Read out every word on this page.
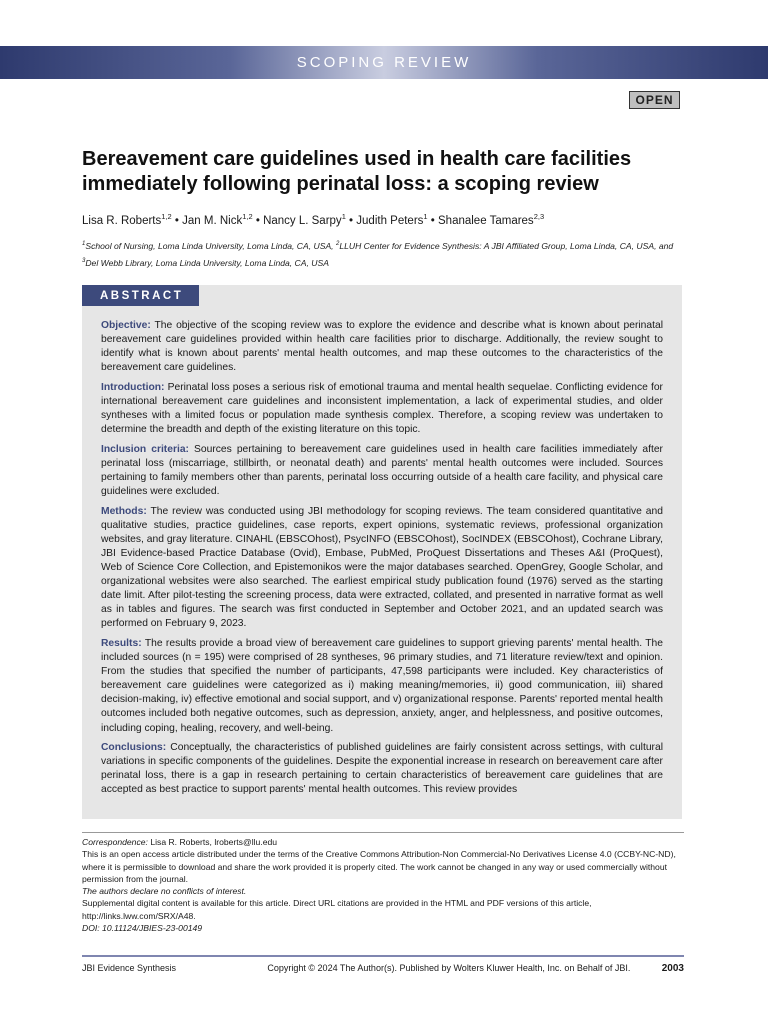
SCOPING REVIEW
OPEN
Bereavement care guidelines used in health care facilities immediately following perinatal loss: a scoping review
Lisa R. Roberts$^{1,2}$ • Jan M. Nick$^{1,2}$ • Nancy L. Sarpy$^1$ • Judith Peters$^1$ • Shanalee Tamares$^{2,3}$
$^1$School of Nursing, Loma Linda University, Loma Linda, CA, USA, $^2$LLUH Center for Evidence Synthesis: A JBI Affiliated Group, Loma Linda, CA, USA, and $^3$Del Webb Library, Loma Linda University, Loma Linda, CA, USA
ABSTRACT

Objective: The objective of the scoping review was to explore the evidence and describe what is known about perinatal bereavement care guidelines provided within health care facilities prior to discharge. Additionally, the review sought to identify what is known about parents' mental health outcomes, and map these outcomes to the characteristics of the bereavement care guidelines.

Introduction: Perinatal loss poses a serious risk of emotional trauma and mental health sequelae. Conflicting evidence for international bereavement care guidelines and inconsistent implementation, a lack of experimental studies, and older syntheses with a limited focus or population made synthesis complex. Therefore, a scoping review was undertaken to determine the breadth and depth of the existing literature on this topic.

Inclusion criteria: Sources pertaining to bereavement care guidelines used in health care facilities immediately after perinatal loss (miscarriage, stillbirth, or neonatal death) and parents' mental health outcomes were included. Sources pertaining to family members other than parents, perinatal loss occurring outside of a health care facility, and physical care guidelines were excluded.

Methods: The review was conducted using JBI methodology for scoping reviews. The team considered quantitative and qualitative studies, practice guidelines, case reports, expert opinions, systematic reviews, professional organization websites, and gray literature. CINAHL (EBSCOhost), PsycINFO (EBSCOhost), SocINDEX (EBSCOhost), Cochrane Library, JBI Evidence-based Practice Database (Ovid), Embase, PubMed, ProQuest Dissertations and Theses A&I (ProQuest), Web of Science Core Collection, and Epistemonikos were the major databases searched. OpenGrey, Google Scholar, and organizational websites were also searched. The earliest empirical study publication found (1976) served as the starting date limit. After pilot-testing the screening process, data were extracted, collated, and presented in narrative format as well as in tables and figures. The search was first conducted in September and October 2021, and an updated search was performed on February 9, 2023.

Results: The results provide a broad view of bereavement care guidelines to support grieving parents' mental health. The included sources (n = 195) were comprised of 28 syntheses, 96 primary studies, and 71 literature review/text and opinion. From the studies that specified the number of participants, 47,598 participants were included. Key characteristics of bereavement care guidelines were categorized as i) making meaning/memories, ii) good communication, iii) shared decision-making, iv) effective emotional and social support, and v) organizational response. Parents' reported mental health outcomes included both negative outcomes, such as depression, anxiety, anger, and helplessness, and positive outcomes, including coping, healing, recovery, and well-being.

Conclusions: Conceptually, the characteristics of published guidelines are fairly consistent across settings, with cultural variations in specific components of the guidelines. Despite the exponential increase in research on bereavement care after perinatal loss, there is a gap in research pertaining to certain characteristics of bereavement care guidelines that are accepted as best practice to support parents' mental health outcomes. This review provides

Correspondence: Lisa R. Roberts, lroberts@llu.edu
This is an open access article distributed under the terms of the Creative Commons Attribution-Non Commercial-No Derivatives License 4.0 (CCBY-NC-ND), where it is permissible to download and share the work provided it is properly cited. The work cannot be changed in any way or used commercially without permission from the journal.
The authors declare no conflicts of interest.
Supplemental digital content is available for this article. Direct URL citations are provided in the HTML and PDF versions of this article, http://links.lww.com/SRX/A48.
DOI: 10.11124/JBIES-23-00149
JBI Evidence Synthesis	Copyright © 2024 The Author(s). Published by Wolters Kluwer Health, Inc. on Behalf of JBI.	2003
